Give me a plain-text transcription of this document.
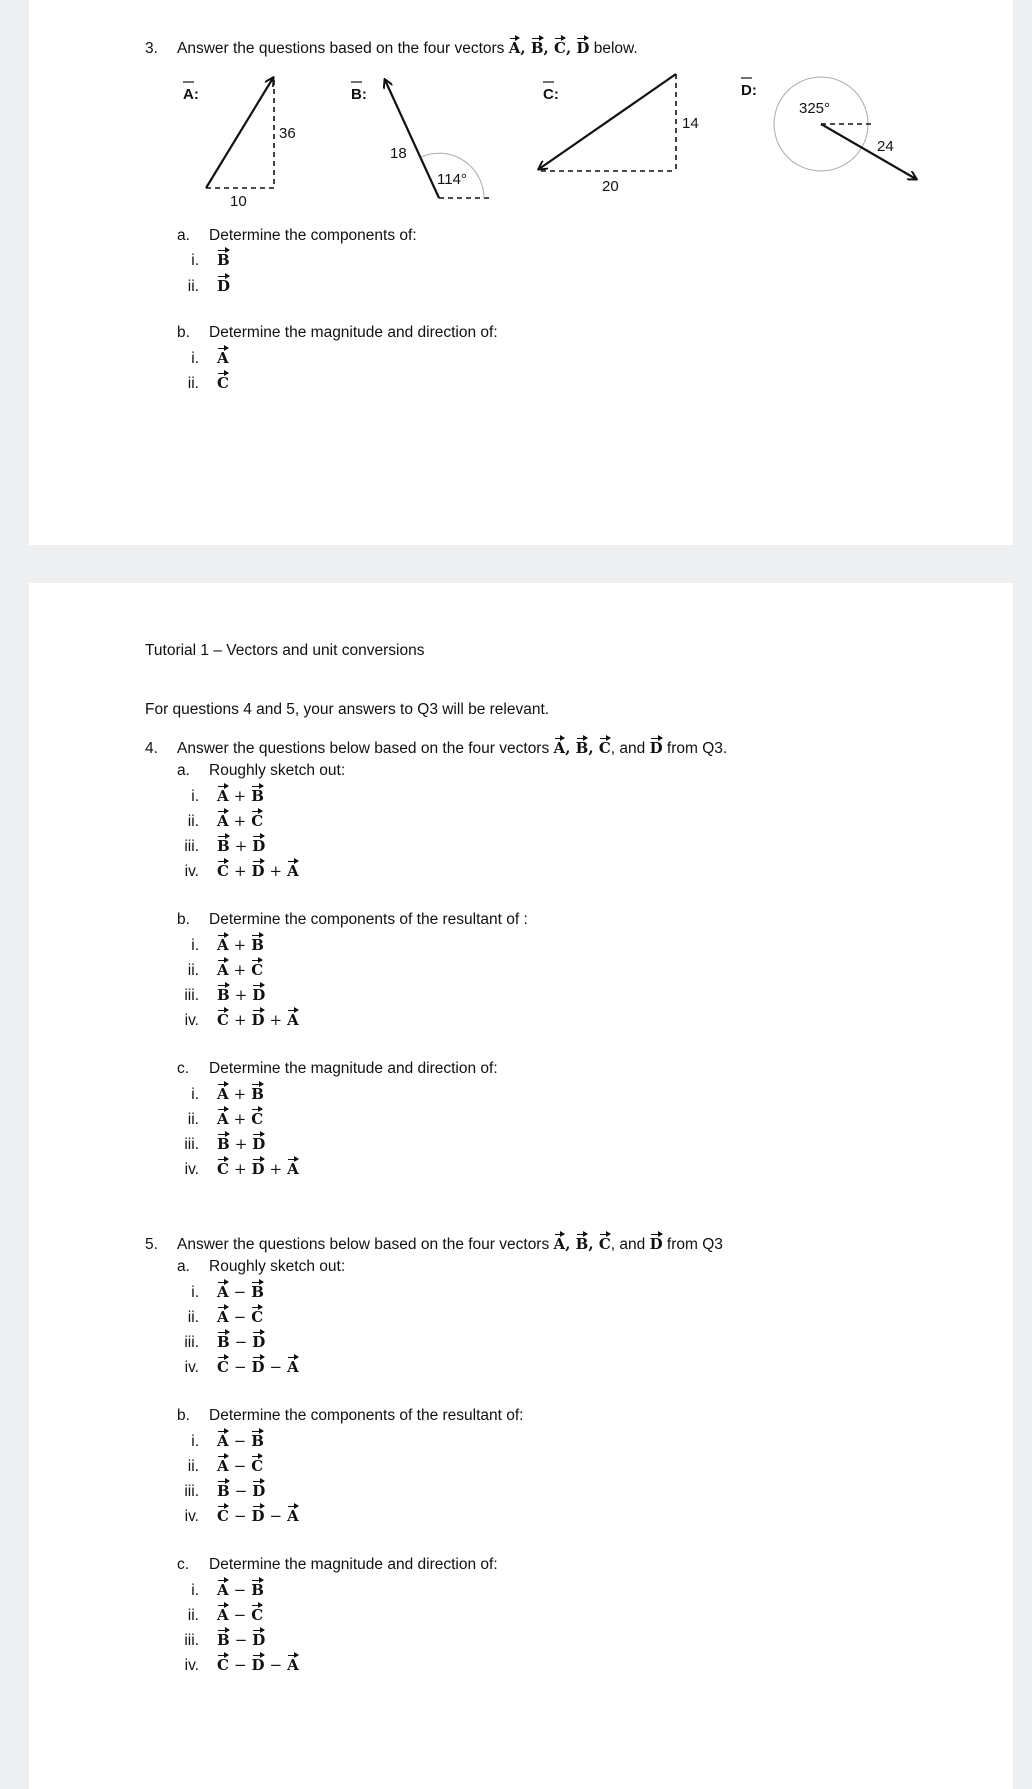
3. Answer the questions based on the four vectors A, B, C, D below.
A:
36
10
B:
18
114°
C:
14
20
D:
325°
24
a. Determine the components of:
i. B
ii. D
b. Determine the magnitude and direction of:
i. A
ii. C
Tutorial 1 – Vectors and unit conversions
For questions 4 and 5, your answers to Q3 will be relevant.
4. Answer the questions below based on the four vectors A, B, C, and D from Q3.
a. Roughly sketch out:
i. A + B
ii. A + C
iii. B + D
iv. C + D + A
b. Determine the components of the resultant of :
i. A + B
ii. A + C
iii. B + D
iv. C + D + A
c. Determine the magnitude and direction of:
i. A + B
ii. A + C
iii. B + D
iv. C + D + A
5. Answer the questions below based on the four vectors A, B, C, and D from Q3
a. Roughly sketch out:
i. A − B
ii. A − C
iii. B − D
iv. C − D − A
b. Determine the components of the resultant of:
i. A − B
ii. A − C
iii. B − D
iv. C − D − A
c. Determine the magnitude and direction of:
i. A − B
ii. A − C
iii. B − D
iv. C − D − A
